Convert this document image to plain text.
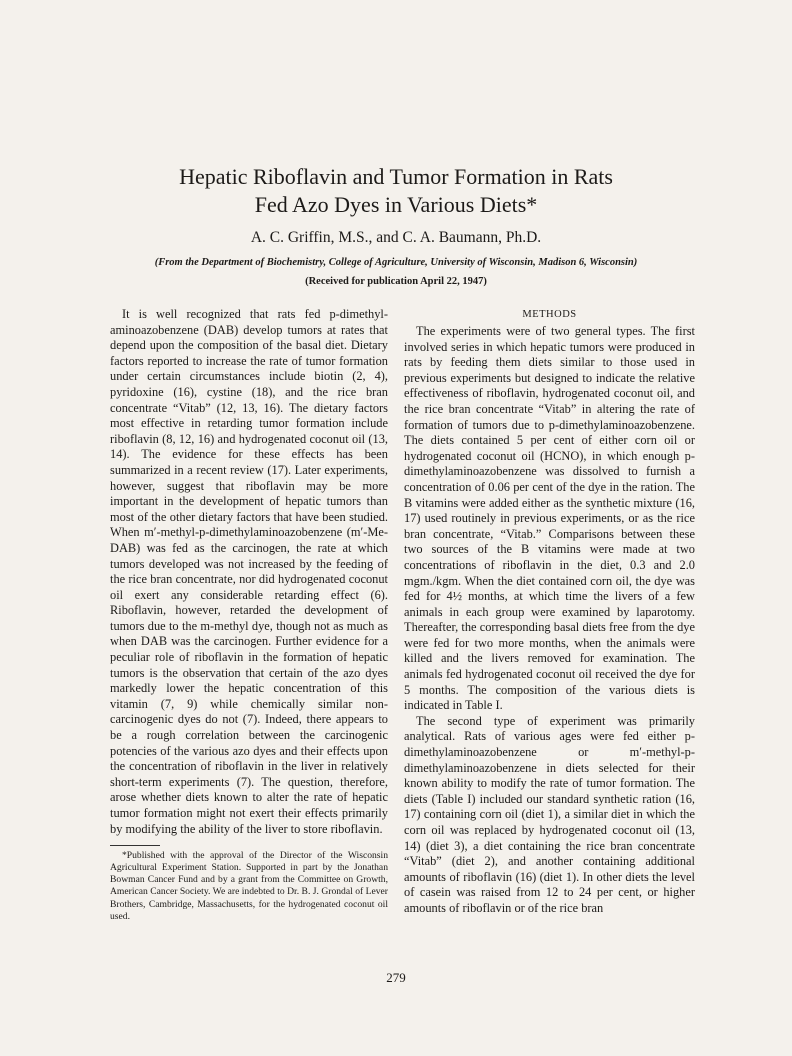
Hepatic Riboflavin and Tumor Formation in Rats
Fed Azo Dyes in Various Diets*
A. C. Griffin, M.S., and C. A. Baumann, Ph.D.
(From the Department of Biochemistry, College of Agriculture, University of Wisconsin, Madison 6, Wisconsin)
(Received for publication April 22, 1947)

It is well recognized that rats fed p-dimethyl-aminoazobenzene (DAB) develop tumors at rates that depend upon the composition of the basal diet. Dietary factors reported to increase the rate of tumor formation under certain circumstances include biotin (2, 4), pyridoxine (16), cystine (18), and the rice bran concentrate “Vitab” (12, 13, 16). The dietary factors most effective in retarding tumor formation include riboflavin (8, 12, 16) and hydrogenated coconut oil (13, 14). The evidence for these effects has been summarized in a recent review (17). Later experiments, however, suggest that riboflavin may be more important in the development of hepatic tumors than most of the other dietary factors that have been studied. When m′-methyl-p-dimethylaminoazobenzene (m′-Me-DAB) was fed as the carcinogen, the rate at which tumors developed was not increased by the feeding of the rice bran concentrate, nor did hydrogenated coconut oil exert any considerable retarding effect (6). Riboflavin, however, retarded the development of tumors due to the m-methyl dye, though not as much as when DAB was the carcinogen. Further evidence for a peculiar role of riboflavin in the formation of hepatic tumors is the observation that certain of the azo dyes markedly lower the hepatic concentration of this vitamin (7, 9) while chemically similar non-carcinogenic dyes do not (7). Indeed, there appears to be a rough correlation between the carcinogenic potencies of the various azo dyes and their effects upon the concentration of riboflavin in the liver in relatively short-term experiments (7). The question, therefore, arose whether diets known to alter the rate of hepatic tumor formation might not exert their effects primarily by modifying the ability of the liver to store riboflavin.

*Published with the approval of the Director of the Wisconsin Agricultural Experiment Station. Supported in part by the Jonathan Bowman Cancer Fund and by a grant from the Committee on Growth, American Cancer Society. We are indebted to Dr. B. J. Grondal of Lever Brothers, Cambridge, Massachusetts, for the hydrogenated coconut oil used.

METHODS

The experiments were of two general types. The first involved series in which hepatic tumors were produced in rats by feeding them diets similar to those used in previous experiments but designed to indicate the relative effectiveness of riboflavin, hydrogenated coconut oil, and the rice bran concentrate “Vitab” in altering the rate of formation of tumors due to p-dimethylaminoazobenzene. The diets contained 5 per cent of either corn oil or hydrogenated coconut oil (HCNO), in which enough p-dimethylaminoazobenzene was dissolved to furnish a concentration of 0.06 per cent of the dye in the ration. The B vitamins were added either as the synthetic mixture (16, 17) used routinely in previous experiments, or as the rice bran concentrate, “Vitab.” Comparisons between these two sources of the B vitamins were made at two concentrations of riboflavin in the diet, 0.3 and 2.0 mgm./kgm. When the diet contained corn oil, the dye was fed for 4½ months, at which time the livers of a few animals in each group were examined by laparotomy. Thereafter, the corresponding basal diets free from the dye were fed for two more months, when the animals were killed and the livers removed for examination. The animals fed hydrogenated coconut oil received the dye for 5 months. The composition of the various diets is indicated in Table I.

The second type of experiment was primarily analytical. Rats of various ages were fed either p-dimethylaminoazobenzene or m′-methyl-p-dimethylaminoazobenzene in diets selected for their known ability to modify the rate of tumor formation. The diets (Table I) included our standard synthetic ration (16, 17) containing corn oil (diet 1), a similar diet in which the corn oil was replaced by hydrogenated coconut oil (13, 14) (diet 3), a diet containing the rice bran concentrate “Vitab” (diet 2), and another containing additional amounts of riboflavin (16) (diet 1). In other diets the level of casein was raised from 12 to 24 per cent, or higher amounts of riboflavin or of the rice bran

279
